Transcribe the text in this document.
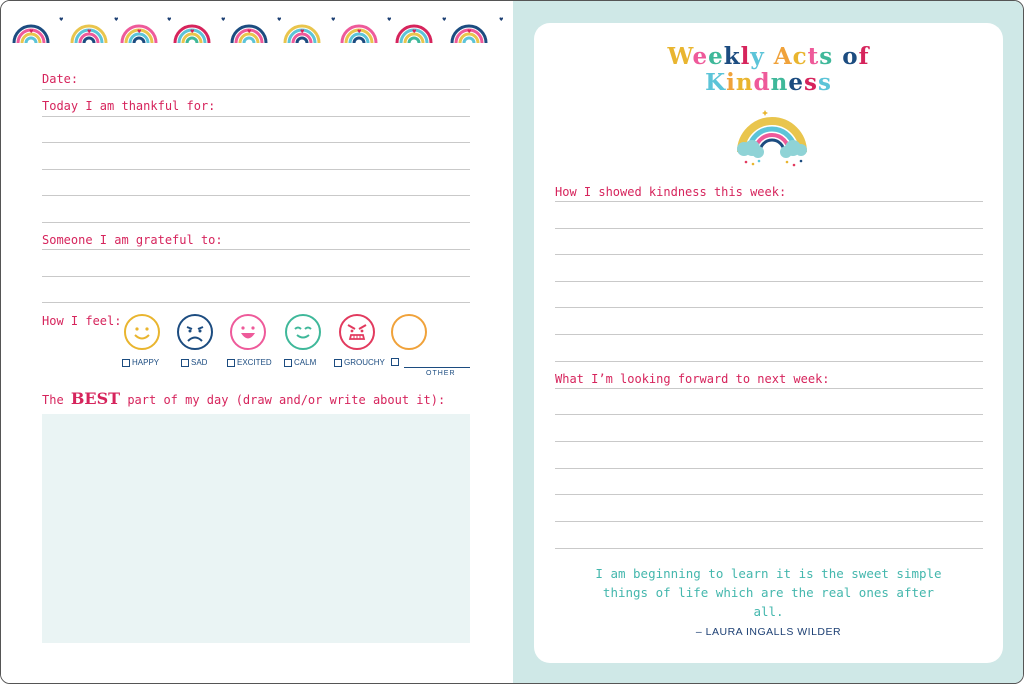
♥	♥	♥	♥	♥	♥	♥	♥	♥
♥	♥	♥	♥	♥	♥	♥	♥	♥
Date:
Today I am thankful for:
Someone I am grateful to:
How I feel:
HAPPY	SAD	EXCITED	CALM	GROUCHY
OTHER
The BEST part of my day (draw and/or write about it):
Weekly Acts of
Kindness
How I showed kindness this week:
What I’m looking forward to next week:
I am beginning to learn it is the sweet simple things of life which are the real ones after all.
– LAURA INGALLS WILDER
